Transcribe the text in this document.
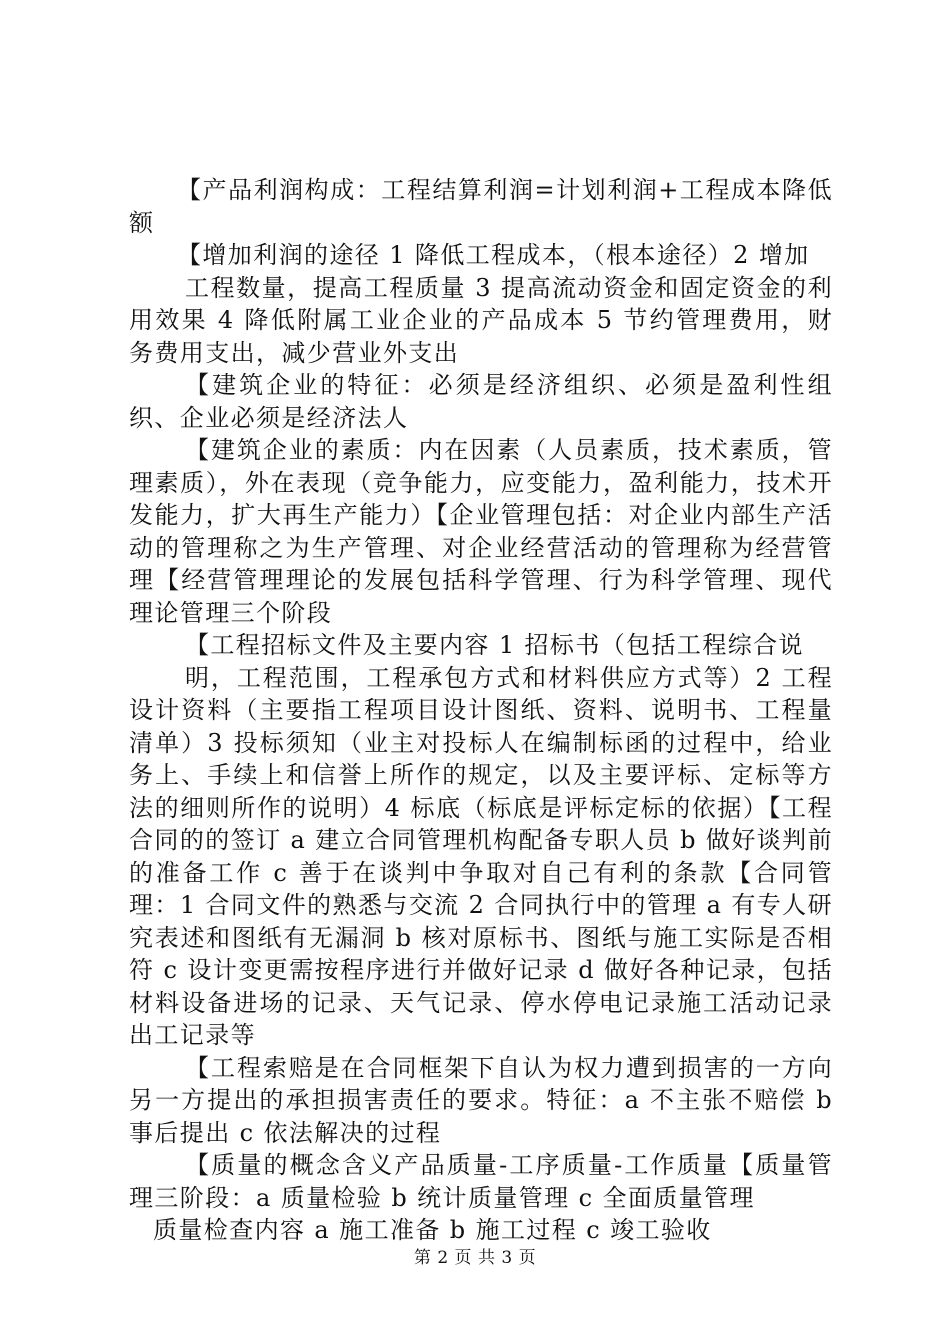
【产品利润构成：工程结算利润=计划利润+工程成本降低额

【增加利润的途径 1 降低工程成本，（根本途径）2 增加

工程数量，提高工程质量 3 提高流动资金和固定资金的利用效果 4 降低附属工业企业的产品成本 5 节约管理费用，财务费用支出，减少营业外支出

【建筑企业的特征：必须是经济组织、必须是盈利性组织、企业必须是经济法人

【建筑企业的素质：内在因素（人员素质，技术素质，管理素质），外在表现（竞争能力，应变能力，盈利能力，技术开发能力，扩大再生产能力）【企业管理包括：对企业内部生产活动的管理称之为生产管理、对企业经营活动的管理称为经营管理【经营管理理论的发展包括科学管理、行为科学管理、现代理论管理三个阶段

【工程招标文件及主要内容 1 招标书（包括工程综合说

明，工程范围，工程承包方式和材料供应方式等）2 工程设计资料（主要指工程项目设计图纸、资料、说明书、工程量清单）3 投标须知（业主对投标人在编制标函的过程中，给业务上、手续上和信誉上所作的规定，以及主要评标、定标等方法的细则所作的说明）4 标底（标底是评标定标的依据）【工程合同的的签订 a 建立合同管理机构配备专职人员 b 做好谈判前的准备工作 c 善于在谈判中争取对自己有利的条款【合同管理：1 合同文件的熟悉与交流 2 合同执行中的管理 a 有专人研究表述和图纸有无漏洞 b 核对原标书、图纸与施工实际是否相符 c 设计变更需按程序进行并做好记录 d 做好各种记录，包括材料设备进场的记录、天气记录、停水停电记录施工活动记录出工记录等

【工程索赔是在合同框架下自认为权力遭到损害的一方向另一方提出的承担损害责任的要求。特征：a 不主张不赔偿 b 事后提出 c 依法解决的过程

【质量的概念含义产品质量-工序质量-工作质量【质量管理三阶段：a 质量检验 b 统计质量管理 c 全面质量管理

质量检查内容 a 施工准备 b 施工过程 c 竣工验收

第 2 页 共 3 页
